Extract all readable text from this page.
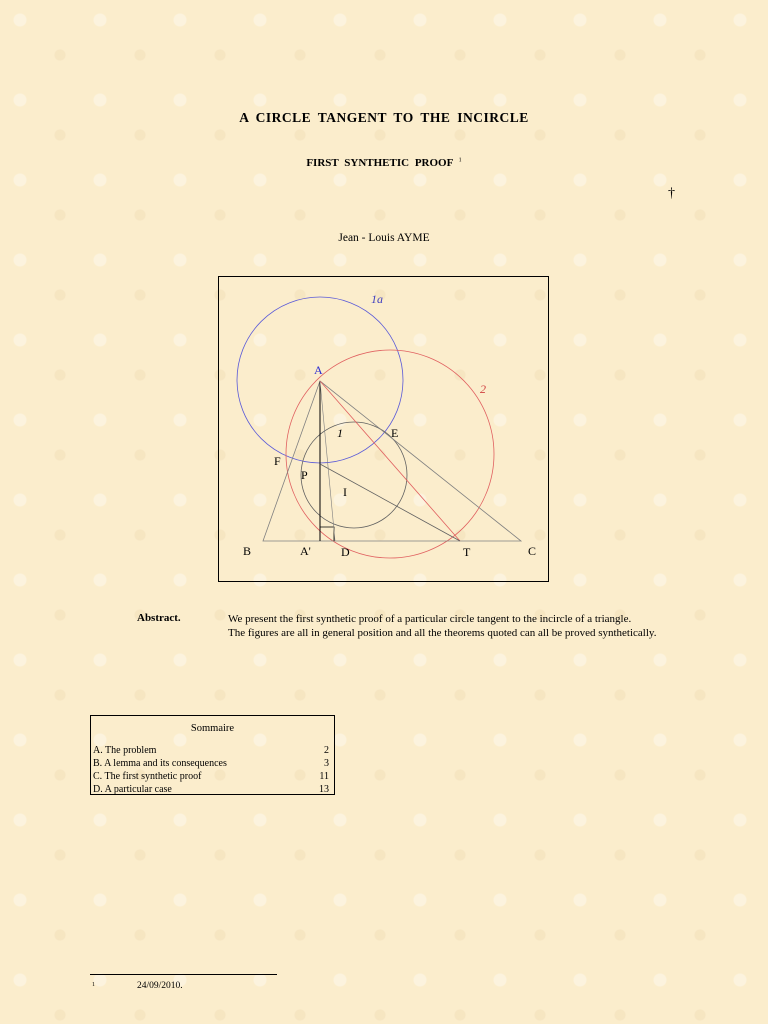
A CIRCLE TANGENT TO THE INCIRCLE
FIRST SYNTHETIC PROOF $^1$
†
Jean - Louis AYME
1a
2
1
A
E
F
P
I
B	A'	D	T	C
Abstract.	We present the first synthetic proof of a particular circle tangent to the incircle of a triangle.

The figures are all in general position and all the theorems quoted can all be proved synthetically.

Sommaire
A. The problem	2
B. A lemma and its consequences	3
C. The first synthetic proof	11
D. A particular case	13
1	24/09/2010.
